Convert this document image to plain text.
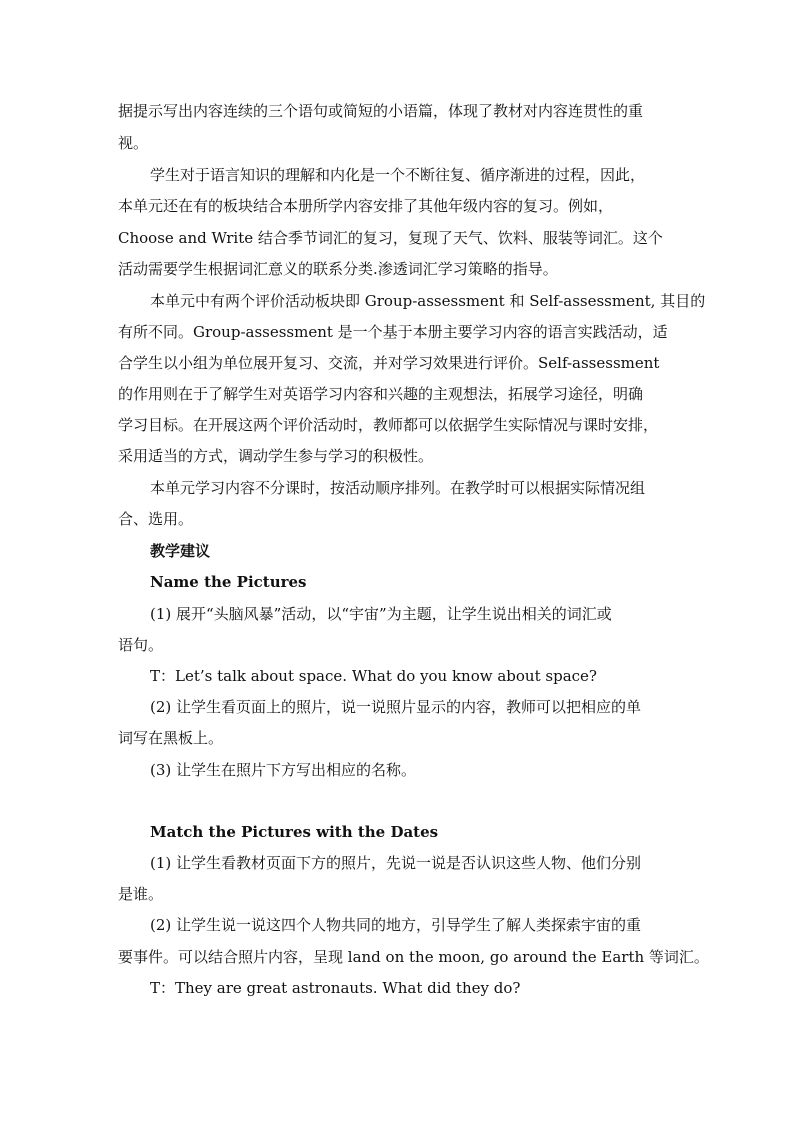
据提示写出内容连续的三个语句或简短的小语篇，体现了教材对内容连贯性的重
视。
学生对于语言知识的理解和内化是一个不断往复、循序渐进的过程，因此，
本单元还在有的板块结合本册所学内容安排了其他年级内容的复习。例如，
Choose and Write 结合季节词汇的复习，复现了天气、饮料、服装等词汇。这个
活动需要学生根据词汇意义的联系分类.渗透词汇学习策略的指导。
本单元中有两个评价活动板块即 Group-assessment 和 Self-assessment, 其目的
有所不同。Group-assessment 是一个基于本册主要学习内容的语言实践活动，适
合学生以小组为单位展开复习、交流，并对学习效果进行评价。Self-assessment
的作用则在于了解学生对英语学习内容和兴趣的主观想法，拓展学习途径，明确
学习目标。在开展这两个评价活动时，教师都可以依据学生实际情况与课时安排，
采用适当的方式，调动学生参与学习的积极性。
本单元学习内容不分课时，按活动顺序排列。在教学时可以根据实际情况组
合、选用。
教学建议
Name the Pictures
(1) 展开“头脑风暴”活动，以“宇宙”为主题，让学生说出相关的词汇或
语句。
T：Let’s talk about space. What do you know about space?
(2) 让学生看页面上的照片，说一说照片显示的内容，教师可以把相应的单
词写在黑板上。
(3) 让学生在照片下方写出相应的名称。
Match the Pictures with the Dates
(1) 让学生看教材页面下方的照片，先说一说是否认识这些人物、他们分别
是谁。
(2) 让学生说一说这四个人物共同的地方，引导学生了解人类探索宇宙的重
要事件。可以结合照片内容，呈现 land on the moon, go around the Earth 等词汇。
T：They are great astronauts. What did they do?
